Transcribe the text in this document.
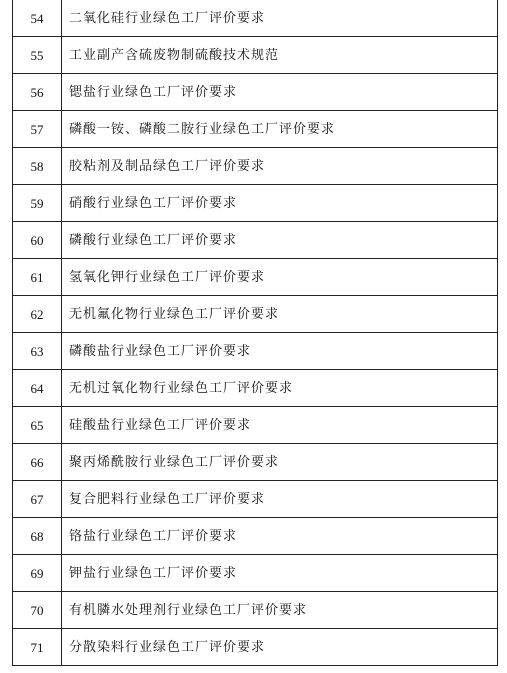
54	二氧化硅行业绿色工厂评价要求
55	工业副产含硫废物制硫酸技术规范
56	锶盐行业绿色工厂评价要求
57	磷酸一铵、磷酸二胺行业绿色工厂评价要求
58	胶粘剂及制品绿色工厂评价要求
59	硝酸行业绿色工厂评价要求
60	磷酸行业绿色工厂评价要求
61	氢氧化钾行业绿色工厂评价要求
62	无机氟化物行业绿色工厂评价要求
63	磷酸盐行业绿色工厂评价要求
64	无机过氧化物行业绿色工厂评价要求
65	硅酸盐行业绿色工厂评价要求
66	聚丙烯酰胺行业绿色工厂评价要求
67	复合肥料行业绿色工厂评价要求
68	铬盐行业绿色工厂评价要求
69	钾盐行业绿色工厂评价要求
70	有机膦水处理剂行业绿色工厂评价要求
71	分散染料行业绿色工厂评价要求
